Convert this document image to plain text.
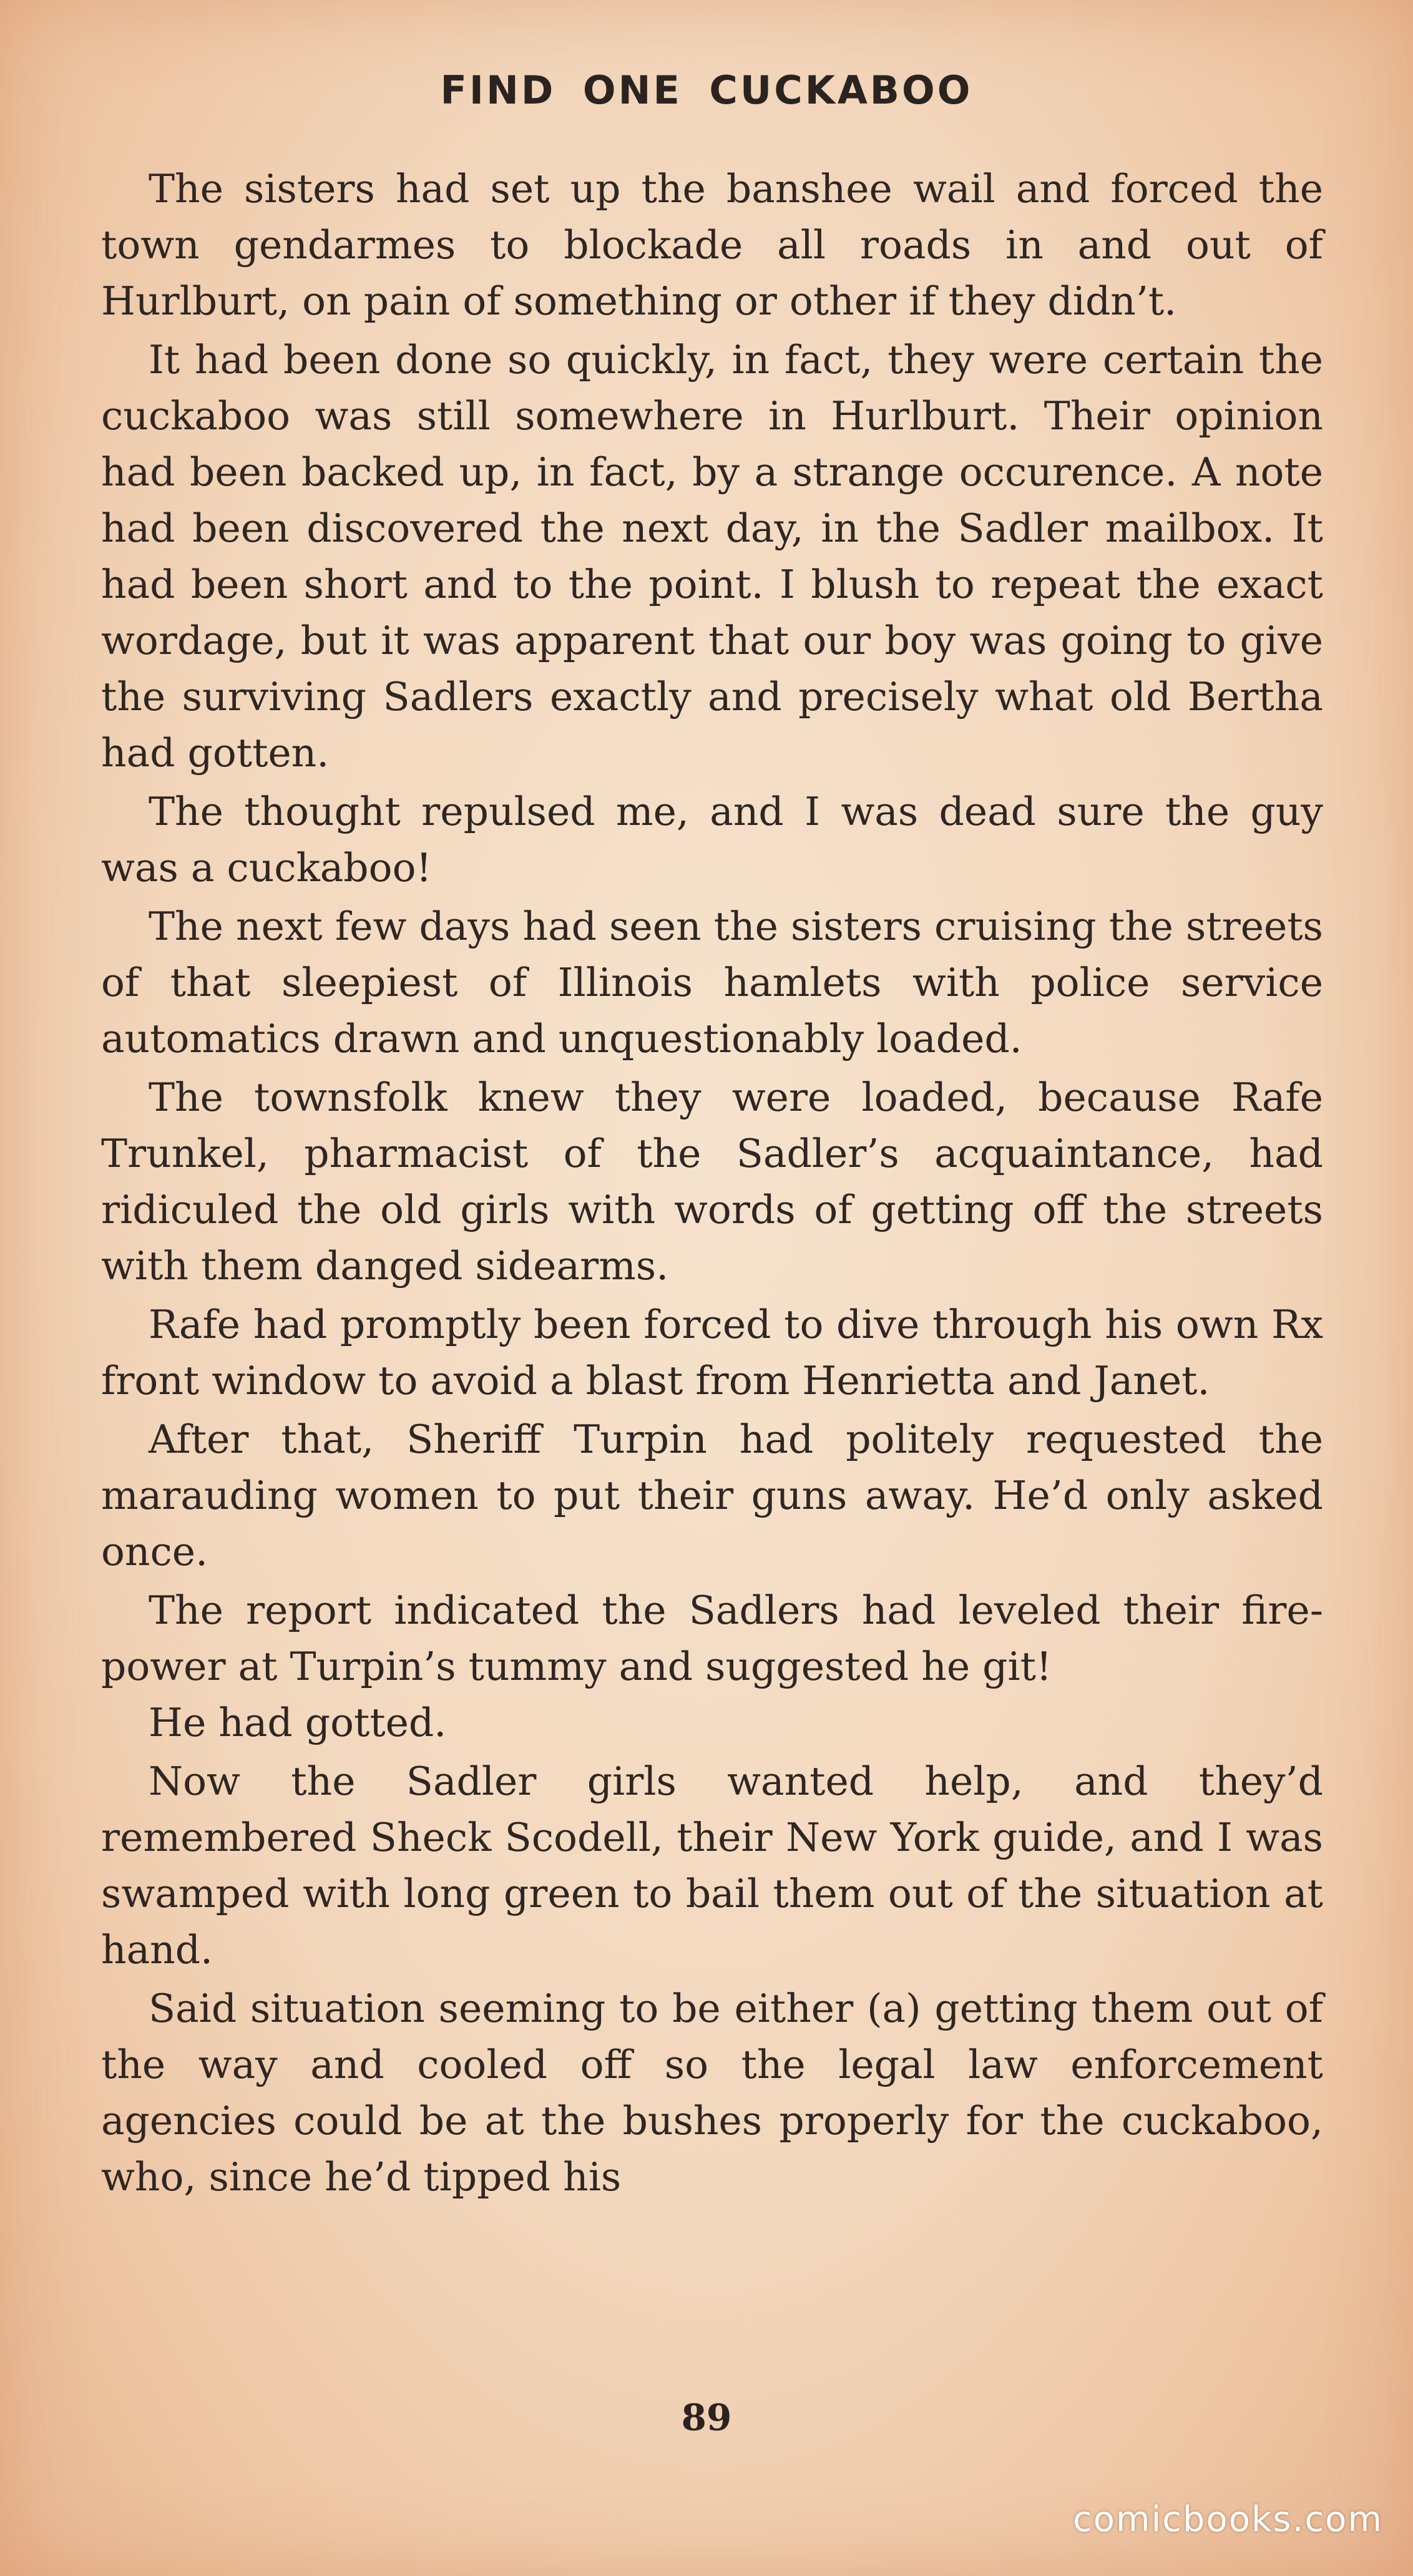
FIND ONE CUCKABOO

The sisters had set up the banshee wail and forced the town gendarmes to blockade all roads in and out of Hurlburt, on pain of something or other if they didn’t.

It had been done so quickly, in fact, they were certain the cuckaboo was still somewhere in Hurlburt. Their opinion had been backed up, in fact, by a strange occurence. A note had been discovered the next day, in the Sadler mailbox. It had been short and to the point. I blush to repeat the exact wordage, but it was apparent that our boy was going to give the surviving Sadlers exactly and precisely what old Bertha had gotten.

The thought repulsed me, and I was dead sure the guy was a cuckaboo!

The next few days had seen the sisters cruising the streets of that sleepiest of Illinois hamlets with police service automatics drawn and unquestionably loaded.

The townsfolk knew they were loaded, because Rafe Trunkel, pharmacist of the Sadler’s acquaintance, had ridiculed the old girls with words of getting off the streets with them danged sidearms.

Rafe had promptly been forced to dive through his own Rx front window to avoid a blast from Henrietta and Janet.

After that, Sheriff Turpin had politely requested the marauding women to put their guns away. He’d only asked once.

The report indicated the Sadlers had leveled their fire-power at Turpin’s tummy and suggested he git!

He had gotted.

Now the Sadler girls wanted help, and they’d remembered Sheck Scodell, their New York guide, and I was swamped with long green to bail them out of the situation at hand.

Said situation seeming to be either (a) getting them out of the way and cooled off so the legal law enforcement agencies could be at the bushes properly for the cuckaboo, who, since he’d tipped his

89
comicbooks.com
